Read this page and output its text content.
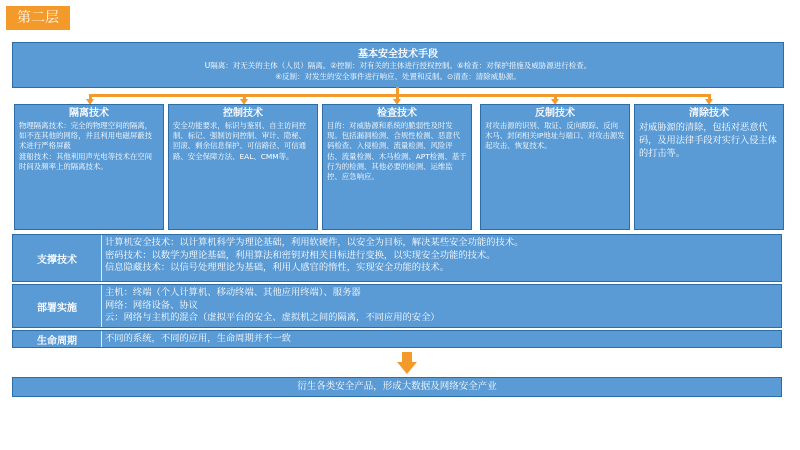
第二层
基本安全技术手段
U隔离：对无关的主体（人员）隔离。②控制：对有关的主体进行授权控制。⑥检查：对保护措施及威胁源进行检查。
④反制：对发生的安全事件进行响应、处置和反制。⊙清查：清除威胁源。
隔离技术
物理隔离技术：完全的物理空间的隔离，如不连其他的网络，并且利用电磁屏蔽技术进行严格屏蔽
渡船技术：其他利用声光电等技术在空间时间及频率上的隔离技术。
控制技术
安全功能要求，标识与鉴别、自主访问控制、标记、强制访问控制、审计、隐秘、回滚、剩余信息保护、可信路径、可信通路、安全保障方法、EAL、CMM等。
检查技术
目的：对威胁源和系统的脆弱性及时发现。包括漏洞检测、合规性检测、恶意代码检查、入侵检测、流量检测、风险评估、流量检测、木马检测、APT检测、基于行为的检测、其他必要的检测、运维监控、应急响应。
反制技术
对攻击源的识别、取证、反向跟踪、反向木马、封闭相关IP地址与端口、对攻击源发起攻击、恢复技术。
清除技术
对威胁源的清除，包括对恶意代码，及用法律手段对实行入侵主体的打击等。
支撑技术
计算机安全技术：以计算机科学为理论基础，利用软硬件，以安全为目标，解决某些安全功能的技术。
密码技术：以数学为理论基础，利用算法和密钥对相关目标进行变换，以实现安全功能的技术。
信息隐藏技术：以信号处理理论为基础，利用人感官的惰性，实现安全功能的技术。
部署实施
主机：终端（个人计算机、移动终端、其他应用终端）、服务器
网络：网络设备、协议
云：网络与主机的混合（虚拟平台的安全、虚拟机之间的隔离，不同应用的安全）
生命周期	不同的系统，不同的应用，生命周期并不一致
衍生各类安全产品，形成大数据及网络安全产业
